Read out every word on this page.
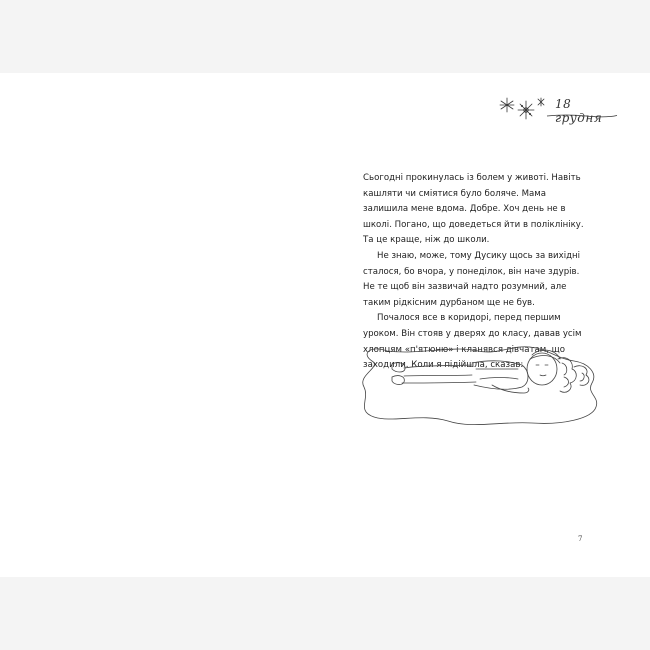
18 грудня

Сьогодні прокинулась із болем у животі. Навіть кашляти чи сміятися було боляче. Мама залишила мене вдома. Добре. Хоч день не в школі. Погано, що доведеться йти в поліклініку. Та це краще, ніж до школи.

Не знаю, може, тому Дусику щось за вихідні сталося, бо вчора, у понеділок, він наче здурів. Не те щоб він зазвичай надто розумний, але таким рідкісним дурбаном ще не був.

Почалося все в коридорі, перед першим уроком. Він стояв у дверях до класу, давав усім хлопцям «п'ятюню» і кланявся дівчатам, що заходили. Коли я підійшла, сказав:

7
